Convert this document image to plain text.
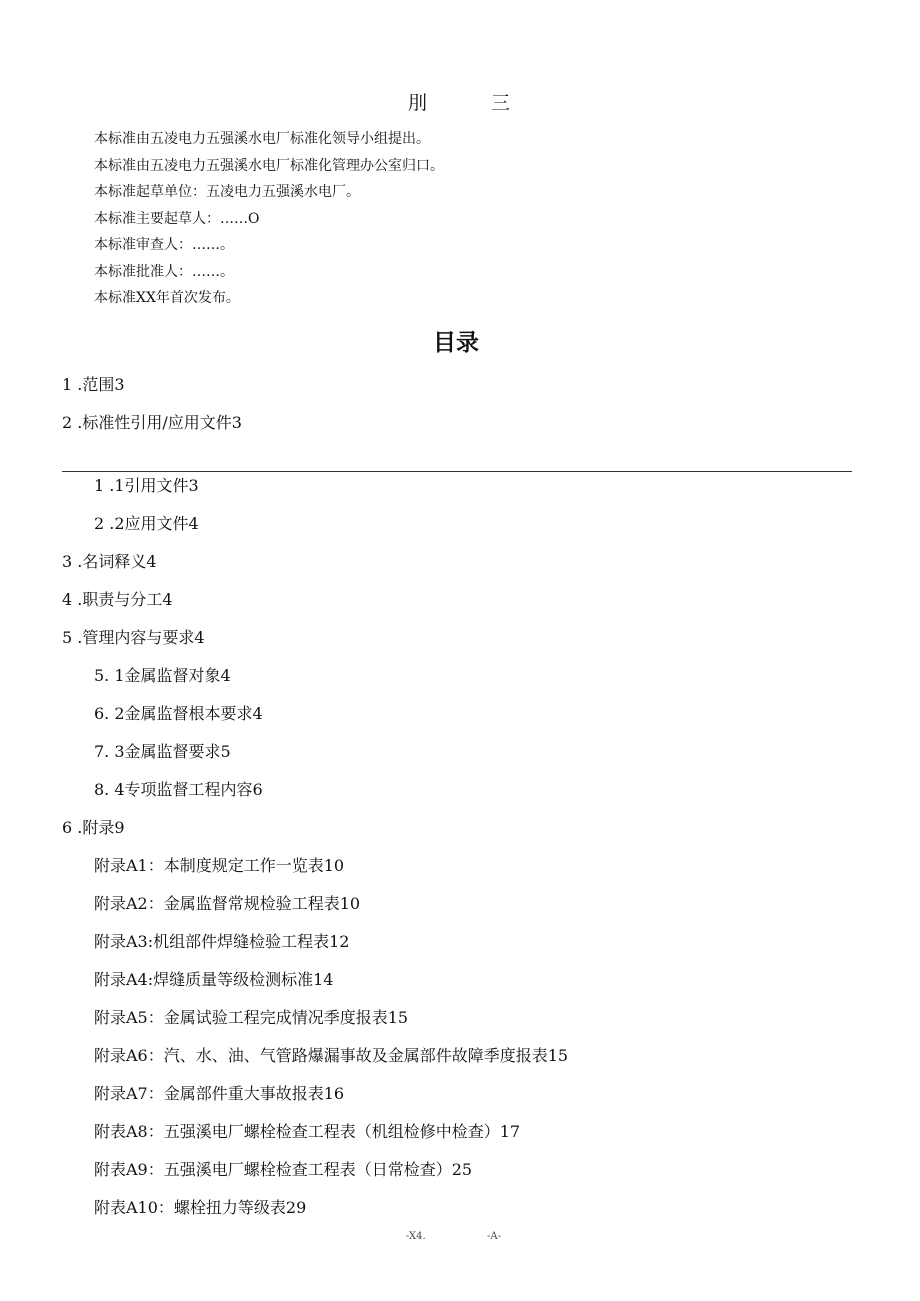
刖	三
本标准由五凌电力五强溪水电厂标准化领导小组提出。
本标准由五凌电力五强溪水电厂标准化管理办公室归口。
本标准起草单位：五凌电力五强溪水电厂。
本标准主要起草人：……O
本标准审查人：……。
本标准批准人：……。
本标准XX年首次发布。
目录
1 .范围3
2 .标准性引用/应用文件3
1 .1引用文件3
2 .2应用文件4
3 .名词释义4
4 .职责与分工4
5 .管理内容与要求4
5. 1金属监督对象4
6. 2金属监督根本要求4
7. 3金属监督要求5
8. 4专项监督工程内容6
6 .附录9
附录A1：本制度规定工作一览表10
附录A2：金属监督常规检验工程表10
附录A3:机组部件焊缝检验工程表12
附录A4:焊缝质量等级检测标准14
附录A5：金属试验工程完成情况季度报表15
附录A6：汽、水、油、气管路爆漏事故及金属部件故障季度报表15
附录A7：金属部件重大事故报表16
附表A8：五强溪电厂螺栓检查工程表（机组检修中检查）17
附表A9：五强溪电厂螺栓检查工程表（日常检查）25
附表A10：螺栓扭力等级表29
-X4.	-A-
